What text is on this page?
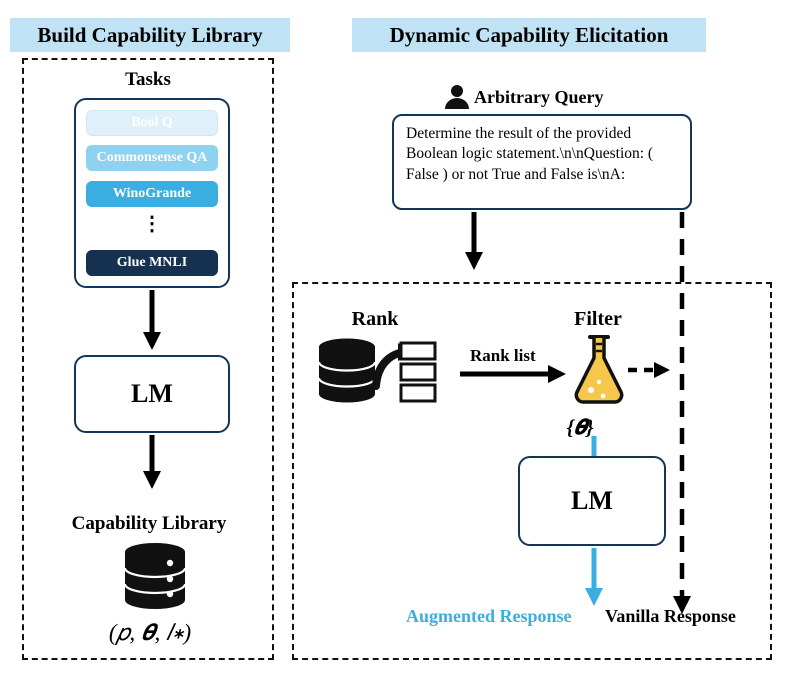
Build Capability Library	Dynamic Capability Elicitation
Tasks
Bool Q
Commonsense QA
WinoGrande
⋮
Glue MNLI
LM
Capability Library
(𝑝, 𝜽, 𝑙∗)
Arbitrary Query
Determine the result of the provided Boolean logic statement.\n\nQuestion: ( False ) or not True and False is\nA:
Rank
Rank list
Filter
{𝜽}
LM
Augmented Response Vanilla Response
